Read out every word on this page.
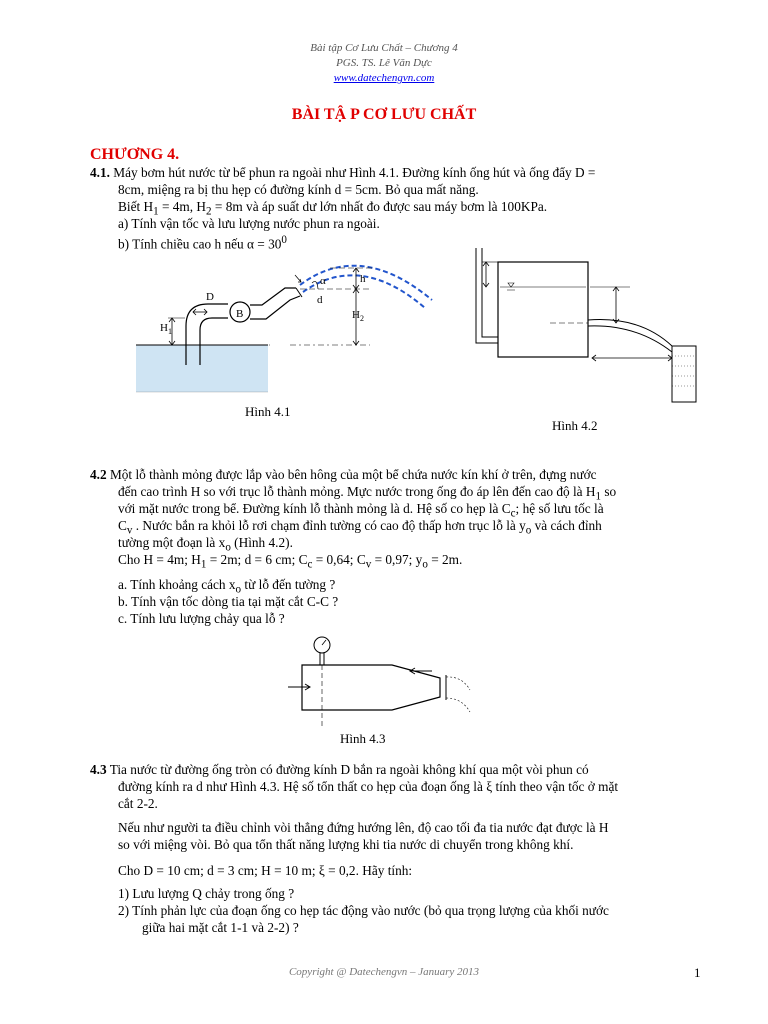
Bài tập Cơ Lưu Chất – Chương 4
PGS. TS. Lê Văn Dực
www.datechengvn.com
BÀI TẬ P CƠ LƯU CHẤT
CHƯƠNG 4.
4.1. Máy bơm hút nước từ bể phun ra ngoài như Hình 4.1. Đường kính ống hút và ống đẩy D =
8cm, miệng ra bị thu hẹp có đường kính d = 5cm. Bỏ qua mất năng.
Biết $H_1 = 4m$, $H_2 = 8m$ và áp suất dư lớn nhất đo được sau máy bơm là 100KPa.
a) Tính vận tốc và lưu lượng nước phun ra ngoài.
b) Tính chiều cao h nếu $\alpha = 30^0$
B
D
$H_1$
$H_2$
h
α
d
Hình 4.1
Hình 4.2
4.2 Một lỗ thành mỏng được lắp vào bên hông của một bể chứa nước kín khí ở trên, đựng nước
đến cao trình H so với trục lỗ thành mỏng. Mực nước trong ống đo áp lên đến cao độ là $H_1$ so
với mặt nước trong bể. Đường kính lỗ thành mỏng là d. Hệ số co hẹp là $C_c$; hệ số lưu tốc là
$C_v$ . Nước bắn ra khỏi lỗ rơi chạm đỉnh tường có cao độ thấp hơn trục lỗ là $y_o$ và cách đỉnh
tường một đoạn là $x_o$ (Hình 4.2).
Cho H = 4m; $H_1 = 2m$; d = 6 cm; $C_c = 0,64$; $C_v = 0,97$; $y_o = 2m$.
a. Tính khoảng cách $x_o$ từ lỗ đến tường ?
b. Tính vận tốc dòng tia tại mặt cắt C-C ?
c. Tính lưu lượng chảy qua lỗ ?
Hình 4.3
4.3 Tia nước từ đường ống tròn có đường kính D bắn ra ngoài không khí qua một vòi phun có
đường kính ra d như Hình 4.3. Hệ số tổn thất co hẹp của đoạn ống là ξ tính theo vận tốc ở mặt
cắt 2-2.
Nếu như người ta điều chỉnh vòi thẳng đứng hướng lên, độ cao tối đa tia nước đạt được là H
so với miệng vòi. Bỏ qua tổn thất năng lượng khi tia nước di chuyển trong không khí.
Cho D = 10 cm; d = 3 cm; H = 10 m; ξ = 0,2. Hãy tính:
1) Lưu lượng Q chảy trong ống ?
2) Tính phản lực của đoạn ống co hẹp tác động vào nước (bỏ qua trọng lượng của khối nước
giữa hai mặt cắt 1-1 và 2-2) ?
Copyright @ Datechengvn – January 2013	1
